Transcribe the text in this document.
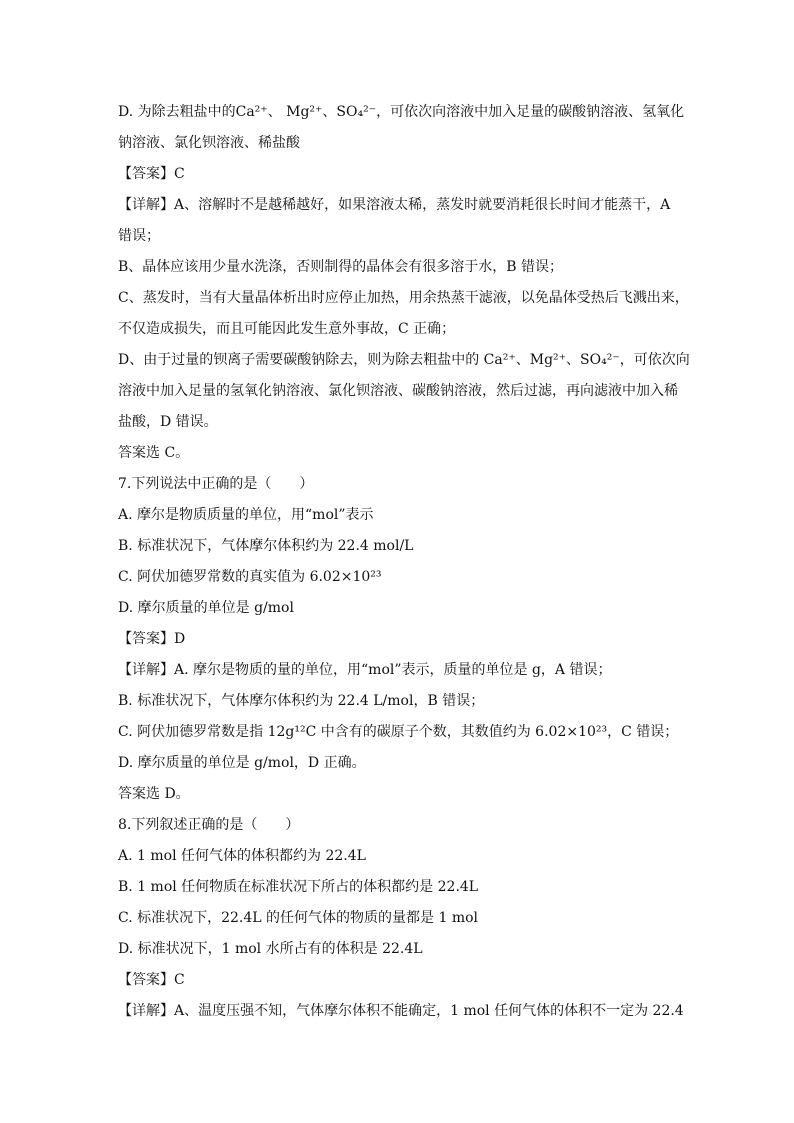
D. 为除去粗盐中的Ca²⁺、 Mg²⁺、SO₄²⁻，可依次向溶液中加入足量的碳酸钠溶液、氢氧化
钠溶液、氯化钡溶液、稀盐酸
【答案】C
【详解】A、溶解时不是越稀越好，如果溶液太稀，蒸发时就要消耗很长时间才能蒸干，A
错误；
B、晶体应该用少量水洗涤，否则制得的晶体会有很多溶于水，B 错误；
C、蒸发时，当有大量晶体析出时应停止加热，用余热蒸干滤液，以免晶体受热后飞溅出来，
不仅造成损失，而且可能因此发生意外事故，C 正确；
D、由于过量的钡离子需要碳酸钠除去，则为除去粗盐中的 Ca²⁺、Mg²⁺、SO₄²⁻，可依次向
溶液中加入足量的氢氧化钠溶液、氯化钡溶液、碳酸钠溶液，然后过滤，再向滤液中加入稀
盐酸，D 错误。
答案选 C。
7.下列说法中正确的是（　　）
A. 摩尔是物质质量的单位，用“mol”表示
B. 标准状况下，气体摩尔体积约为 22.4 mol/L
C. 阿伏加德罗常数的真实值为 6.02×10²³
D. 摩尔质量的单位是 g/mol
【答案】D
【详解】A. 摩尔是物质的量的单位，用“mol”表示，质量的单位是 g，A 错误；
B. 标准状况下，气体摩尔体积约为 22.4 L/mol，B 错误；
C. 阿伏加德罗常数是指 12g¹²C 中含有的碳原子个数，其数值约为 6.02×10²³，C 错误；
D. 摩尔质量的单位是 g/mol，D 正确。
答案选 D。
8.下列叙述正确的是（　　）
A. 1 mol 任何气体的体积都约为 22.4L
B. 1 mol 任何物质在标准状况下所占的体积都约是 22.4L
C. 标准状况下，22.4L 的任何气体的物质的量都是 1 mol
D. 标准状况下，1 mol 水所占有的体积是 22.4L
【答案】C
【详解】A、温度压强不知，气体摩尔体积不能确定，1 mol 任何气体的体积不一定为 22.4
